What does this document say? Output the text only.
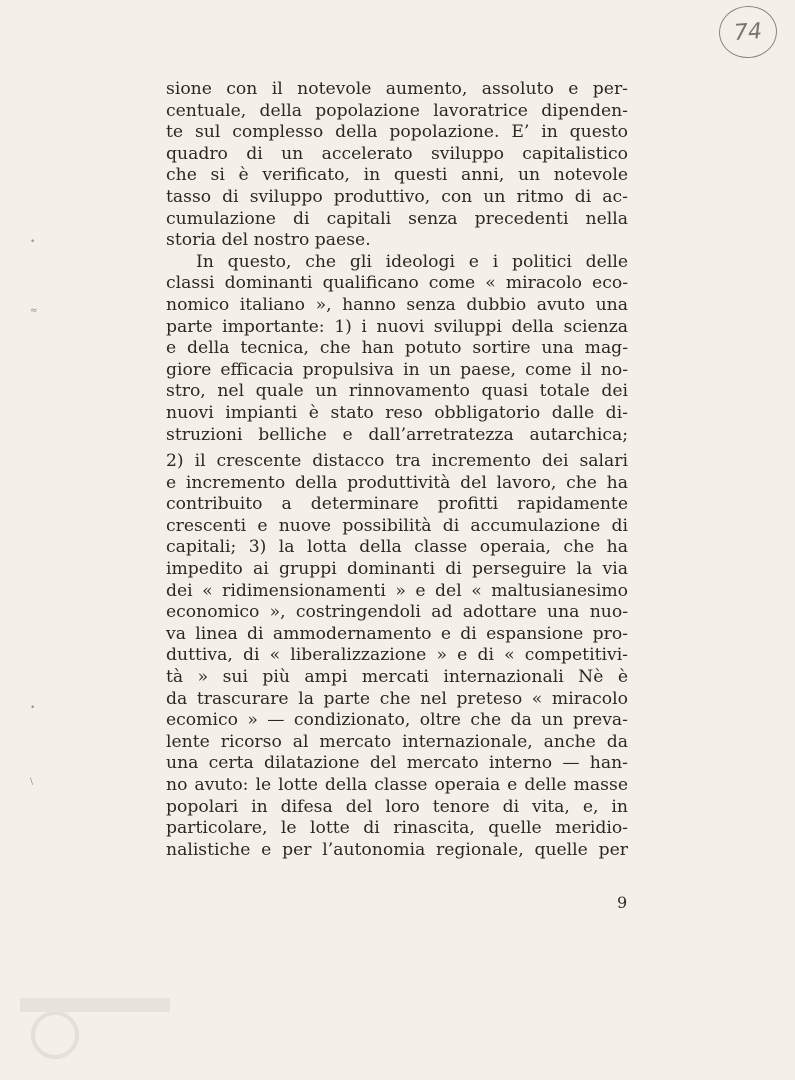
74
•
≈
•
\
sione con il notevole aumento, assoluto e per-
centuale, della popolazione lavoratrice dipenden-
te sul complesso della popolazione. E’ in questo
quadro di un accelerato sviluppo capitalistico
che si è verificato, in questi anni, un notevole
tasso di sviluppo produttivo, con un ritmo di ac-
cumulazione di capitali senza precedenti nella
storia del nostro paese.
In questo, che gli ideologi e i politici delle
classi dominanti qualificano come « miracolo eco-
nomico italiano », hanno senza dubbio avuto una
parte importante: 1) i nuovi sviluppi della scienza
e della tecnica, che han potuto sortire una mag-
giore efficacia propulsiva in un paese, come il no-
stro, nel quale un rinnovamento quasi totale dei
nuovi impianti è stato reso obbligatorio dalle di-
struzioni belliche e dall’arretratezza autarchica;
2) il crescente distacco tra incremento dei salari
e incremento della produttività del lavoro, che ha
contribuito a determinare profitti rapidamente
crescenti e nuove possibilità di accumulazione di
capitali; 3) la lotta della classe operaia, che ha
impedito ai gruppi dominanti di perseguire la via
dei « ridimensionamenti » e del « maltusianesimo
economico », costringendoli ad adottare una nuo-
va linea di ammodernamento e di espansione pro-
duttiva, di « liberalizzazione » e di « competitivi-
tà » sui più ampi mercati internazionali Nè è
da trascurare la parte che nel preteso « miracolo
ecomico » — condizionato, oltre che da un preva-
lente ricorso al mercato internazionale, anche da
una certa dilatazione del mercato interno — han-
no avuto: le lotte della classe operaia e delle masse
popolari in difesa del loro tenore di vita, e, in
particolare, le lotte di rinascita, quelle meridio-
nalistiche e per l’autonomia regionale, quelle per
9
